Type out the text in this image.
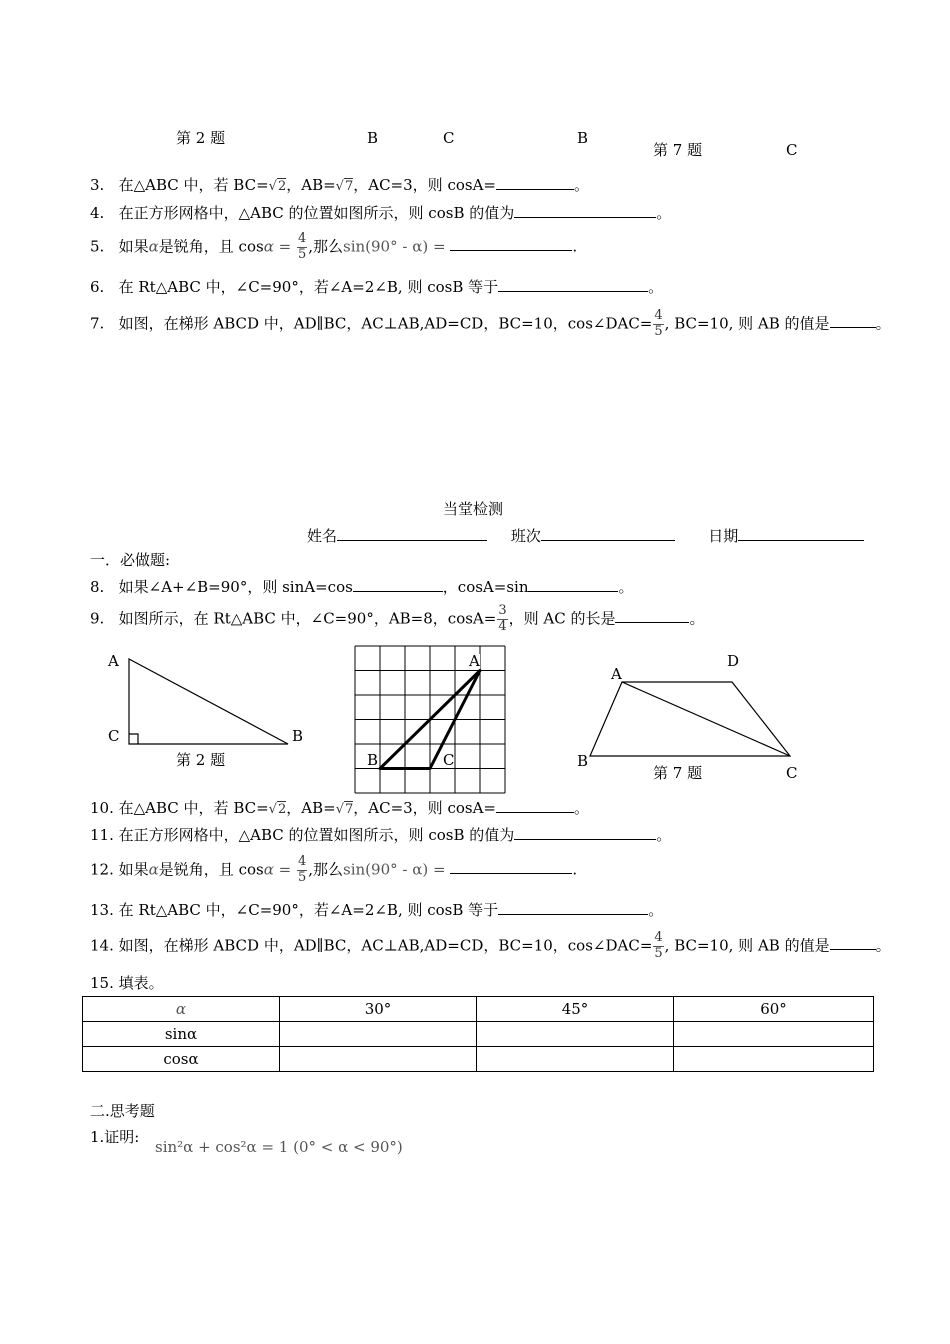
第 2 题	B	C	B
第 7 题	C
3. 在△ABC 中，若 BC=√2，AB=√7，AC=3，则 cosA=	。
4. 在正方形网格中，△ABC 的位置如图所示，则 cosB 的值为	。
5. 如果α是锐角，且 $\cos\alpha = \frac{4}{5}$ ,那么sin(90° - α) =	.
6. 在 Rt△ABC 中，∠C=90°，若∠A=2∠B, 则 cosB 等于	。
7. 如图，在梯形 ABCD 中，AD∥BC，AC⊥AB,AD=CD，BC=10，cos∠DAC= $\frac{4}{5}$ , BC=10, 则 AB 的值是	。
当堂检测
姓名	班次	日期
一．必做题:
8. 如果∠A+∠B=90°，则 sinA=cos	，cosA=sin	。
9. 如图所示，在 Rt△ABC 中，∠C=90°，AB=8，$\cos A= \frac{3}{4}$ ，则 AC 的长是	。
A
C	B
第 2 题
A
B	C
A
D
B
第 7 题	C
10. 在△ABC 中，若 BC=√2，AB=√7，AC=3，则 cosA=	。
11. 在正方形网格中，△ABC 的位置如图所示，则 cosB 的值为	。
12. 如果α是锐角，且 $\cos\alpha = \frac{4}{5}$ ,那么sin(90° - α) =	.
13. 在 Rt△ABC 中，∠C=90°，若∠A=2∠B, 则 cosB 等于	。
14. 如图，在梯形 ABCD 中，AD∥BC，AC⊥AB,AD=CD，BC=10，cos∠DAC= $\frac{4}{5}$ , BC=10, 则 AB 的值是	。
15. 填表。
α	30°	45°	60°
sinα			
cosα			
二.思考题
1.证明:
sin²α + cos²α = 1 (0° < α < 90°)
